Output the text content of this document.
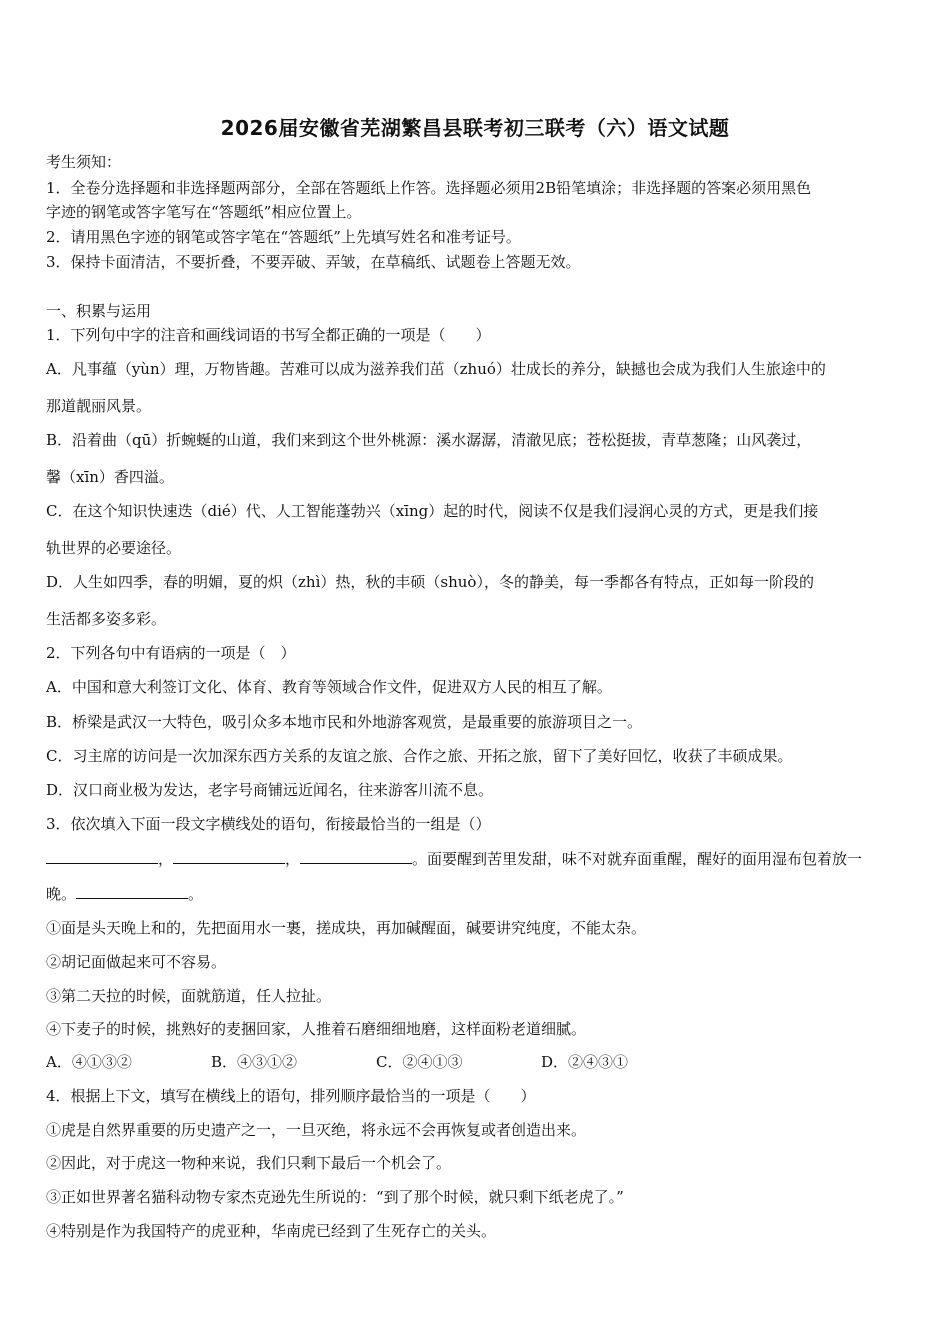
2026届安徽省芜湖繁昌县联考初三联考（六）语文试题
考生须知：
1．全卷分选择题和非选择题两部分，全部在答题纸上作答。选择题必须用2B铅笔填涂；非选择题的答案必须用黑色
字迹的钢笔或答字笔写在“答题纸”相应位置上。
2．请用黑色字迹的钢笔或答字笔在“答题纸”上先填写姓名和准考证号。
3．保持卡面清洁，不要折叠，不要弄破、弄皱，在草稿纸、试题卷上答题无效。
一、积累与运用
1．下列句中字的注音和画线词语的书写全都正确的一项是（　　）
A．凡事蕴（yùn）理，万物皆趣。苦难可以成为滋养我们茁（zhuó）壮成长的养分，缺撼也会成为我们人生旅途中的
那道靓丽风景。
B．沿着曲（qū）折蜿蜒的山道，我们来到这个世外桃源：溪水潺潺，清澈见底；苍松挺拔，青草葱隆；山风袭过，
馨（xīn）香四溢。
C．在这个知识快速迭（dié）代、人工智能蓬勃兴（xīng）起的时代，阅读不仅是我们浸润心灵的方式，更是我们接
轨世界的必要途径。
D．人生如四季，春的明媚，夏的炽（zhì）热，秋的丰硕（shuò），冬的静美，每一季都各有特点，正如每一阶段的
生活都多姿多彩。
2．下列各句中有语病的一项是（　）
A．中国和意大利签订文化、体育、教育等领域合作文件，促进双方人民的相互了解。
B．桥梁是武汉一大特色，吸引众多本地市民和外地游客观赏，是最重要的旅游项目之一。
C．习主席的访问是一次加深东西方关系的友谊之旅、合作之旅、开拓之旅，留下了美好回忆，收获了丰硕成果。
D．汉口商业极为发达，老字号商铺远近闻名，往来游客川流不息。
3．依次填入下面一段文字横线处的语句，衔接最恰当的一组是（）
，	，	。面要醒到苦里发甜，味不对就弃面重醒，醒好的面用湿布包着放一
晚。	。
①面是头天晚上和的，先把面用水一裹，搓成块，再加碱醒面，碱要讲究纯度，不能太杂。
②胡记面做起来可不容易。
③第二天拉的时候，面就筋道，任人拉扯。
④下麦子的时候，挑熟好的麦捆回家，人推着石磨细细地磨，这样面粉老道细腻。
A．④①③②	B．④③①②	C．②④①③	D．②④③①
4．根据上下文，填写在横线上的语句，排列顺序最恰当的一项是（　　）
①虎是自然界重要的历史遗产之一，一旦灭绝，将永远不会再恢复或者创造出来。
②因此，对于虎这一物种来说，我们只剩下最后一个机会了。
③正如世界著名猫科动物专家杰克逊先生所说的：“到了那个时候，就只剩下纸老虎了。”
④特别是作为我国特产的虎亚种，华南虎已经到了生死存亡的关头。
